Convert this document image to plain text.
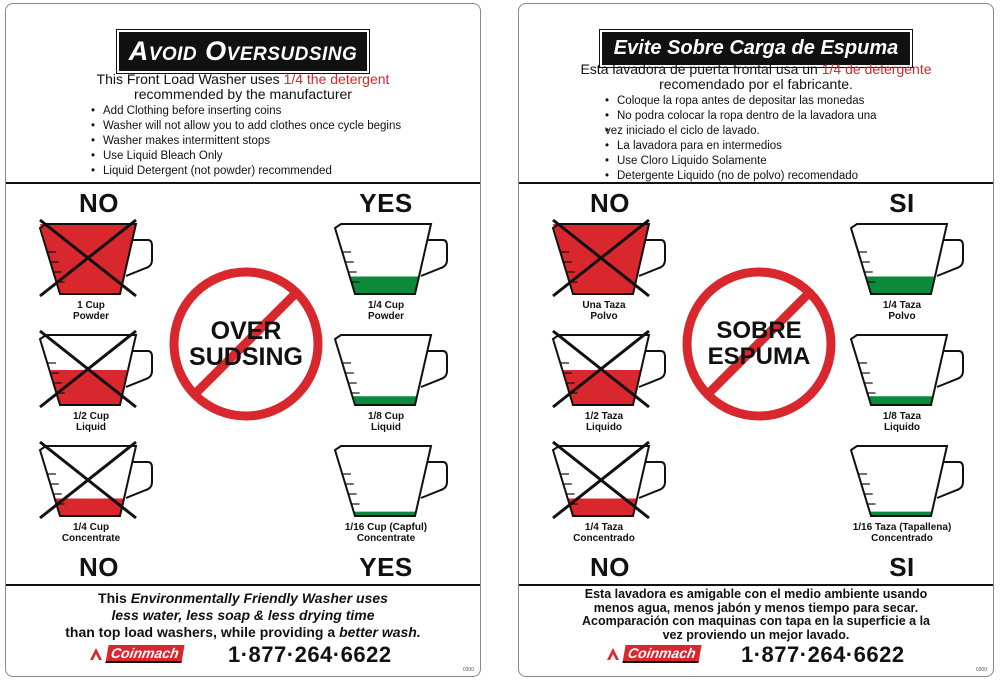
Avoid Oversudsing
This Front Load Washer uses 1/4 the detergent
recommended by the manufacturer
• Add Clothing before inserting coins
• Washer will not allow you to add clothes once cycle begins
• Washer makes intermittent stops
• Use Liquid Bleach Only
• Liquid Detergent (not powder) recommended
NO	YES
1 Cup
Powder
1/2 Cup
Liquid
1/4 Cup
Concentrate
1/4 Cup
Powder
1/8 Cup
Liquid
1/16 Cup (Capful)
Concentrate
OVER
SUDSING
NO	YES
This Environmentally Friendly Washer uses
less water, less soap & less drying time
than top load washers, while providing a better wash.
Coinmach 1·877·264·6622
0300
Evite Sobre Carga de Espuma
Esta lavadora de puerta frontal usa un 1/4 de detergente
recomendado por el fabricante.
• Coloque la ropa antes de depositar las monedas
• No podra colocar la ropa dentro de la lavadora una
• vez iniciado el ciclo de lavado.
• La lavadora para en intermedios
• Use Cloro Liquido Solamente
• Detergente Liquido (no de polvo) recomendado
NO	SI
Una Taza
Polvo
1/2 Taza
Liquido
1/4 Taza
Concentrado
1/4 Taza
Polvo
1/8 Taza
Liquido
1/16 Taza (Tapallena)
Concentrado
SOBRE
ESPUMA
NO	SI
Esta lavadora es amigable con el medio ambiente usando
menos agua, menos jabón y menos tiempo para secar.
Acomparación con maquinas con tapa en la superficie a la
vez proviendo un mejor lavado.
Coinmach 1·877·264·6622
0300
